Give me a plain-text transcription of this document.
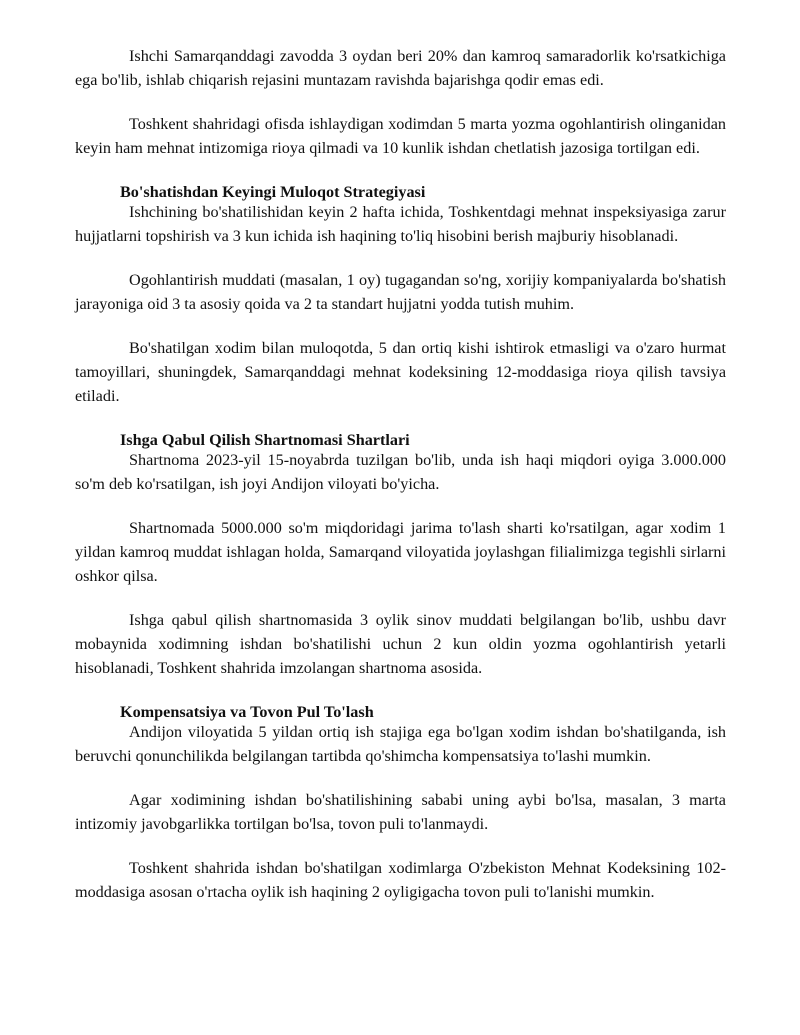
Ishchi Samarqanddagi zavodda 3 oydan beri 20% dan kamroq samaradorlik ko'rsatkichiga ega bo'lib, ishlab chiqarish rejasini muntazam ravishda bajarishga qodir emas edi.

Toshkent shahridagi ofisda ishlaydigan xodimdan 5 marta yozma ogohlantirish olinganidan keyin ham mehnat intizomiga rioya qilmadi va 10 kunlik ishdan chetlatish jazosiga tortilgan edi.

Bo'shatishdan Keyingi Muloqot Strategiyasi

Ishchining bo'shatilishidan keyin 2 hafta ichida, Toshkentdagi mehnat inspeksiyasiga zarur hujjatlarni topshirish va 3 kun ichida ish haqining to'liq hisobini berish majburiy hisoblanadi.

Ogohlantirish muddati (masalan, 1 oy) tugagandan so'ng, xorijiy kompaniyalarda bo'shatish jarayoniga oid 3 ta asosiy qoida va 2 ta standart hujjatni yodda tutish muhim.

Bo'shatilgan xodim bilan muloqotda, 5 dan ortiq kishi ishtirok etmasligi va o'zaro hurmat tamoyillari, shuningdek, Samarqanddagi mehnat kodeksining 12-moddasiga rioya qilish tavsiya etiladi.

Ishga Qabul Qilish Shartnomasi Shartlari

Shartnoma 2023-yil 15-noyabrda tuzilgan bo'lib, unda ish haqi miqdori oyiga 3.000.000 so'm deb ko'rsatilgan, ish joyi Andijon viloyati bo'yicha.

Shartnomada 5000.000 so'm miqdoridagi jarima to'lash sharti ko'rsatilgan, agar xodim 1 yildan kamroq muddat ishlagan holda, Samarqand viloyatida joylashgan filialimizga tegishli sirlarni oshkor qilsa.

Ishga qabul qilish shartnomasida 3 oylik sinov muddati belgilangan bo'lib, ushbu davr mobaynida xodimning ishdan bo'shatilishi uchun 2 kun oldin yozma ogohlantirish yetarli hisoblanadi, Toshkent shahrida imzolangan shartnoma asosida.

Kompensatsiya va Tovon Pul To'lash

Andijon viloyatida 5 yildan ortiq ish stajiga ega bo'lgan xodim ishdan bo'shatilganda, ish beruvchi qonunchilikda belgilangan tartibda qo'shimcha kompensatsiya to'lashi mumkin.

Agar xodimining ishdan bo'shatilishining sababi uning aybi bo'lsa, masalan, 3 marta intizomiy javobgarlikka tortilgan bo'lsa, tovon puli to'lanmaydi.

Toshkent shahrida ishdan bo'shatilgan xodimlarga O'zbekiston Mehnat Kodeksining 102-moddasiga asosan o'rtacha oylik ish haqining 2 oyligigacha tovon puli to'lanishi mumkin.
